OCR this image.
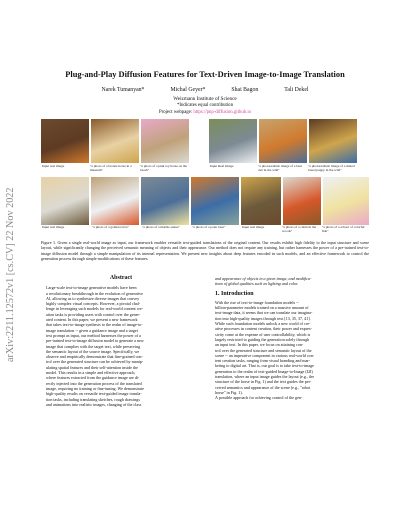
arXiv:2211.12572v1 [cs.CV] 22 Nov 2022
Plug-and-Play Diffusion Features for Text-Driven Image-to-Image Translation
Narek Tumanyan*	Michal Geyer*	Shai Bagon	Tali Dekel
Weizmann Institute of Science
*Indicates equal contribution
Project webpage: https://pnp-diffusion.github.io
Input real image	"a photo of a bronze horse in a museum"
"a photo of a pink toy horse on the beach"
Input Real Image	"a photorealistic image of a bear cub in the wild"
"a photorealistic image of a mixed breed puppy in the wild"
Input real image	"a photo of a golden robot"	"a photo of a marble statue"	"a photo of a polar bear"	Input real image	"a photo of a cabin in the woods"
"a photo of a school of colorful fish"
Figure 1. Given a single real-world image as input, our framework enables versatile text-guided translations of the original content. Our results exhibit high fidelity to the input structure and scene layout, while significantly changing the perceived semantic meaning of objects and their appearance. Our method does not require any training, but rather harnesses the power of a pre-trained text-to-image diffusion model through a simple manipulation of its internal representation. We present new insights about deep features encoded in such models, and an effective framework to control the generation process through simple modifications of these features.
Abstract
Large-scale text-to-image generative models have been
a revolutionary breakthrough in the evolution of generative
AI, allowing us to synthesize diverse images that convey
highly complex visual concepts. However, a pivotal chal-
lenge in leveraging such models for real-world content cre-
ation tasks is providing users with control over the gener-
ated content. In this paper, we present a new framework
that takes text-to-image synthesis to the realm of image-to-
image translation -- given a guidance image and a target
text prompt as input, our method harnesses the power of a
pre-trained text-to-image diffusion model to generate a new
image that complies with the target text, while preserving
the semantic layout of the source image. Specifically, we
observe and empirically demonstrate that fine-grained con-
trol over the generated structure can be achieved by manip-
ulating spatial features and their self-attention inside the
model. This results in a simple and effective approach,
where features extracted from the guidance image are di-
rectly injected into the generation process of the translated
image, requiring no training or fine-tuning. We demonstrate
high-quality results on versatile text-guided image transla-
tion tasks, including translating sketches, rough drawings
and animations into realistic images, changing of the class
and appearance of objects in a given image, and modifica-
tions of global qualities such as lighting and color.
1. Introduction
With the rise of text-to-image foundation models --
billion-parameter models trained on a massive amount of
text-image data, it seems that we can translate our imagina-
tion into high-quality images through text [13, 35, 37, 41].
While such foundation models unlock a new world of cre-
ative processes in content creation, their power and expres-
sivity come at the expense of user controllability, which is
largely restricted to guiding the generation solely through
an input text. In this paper, we focus on attaining con-
trol over the generated structure and semantic layout of the
scene -- an imperative component in various real-world con-
tent creation tasks, ranging from visual branding and mar-
keting to digital art. That is, our goal is to take text-to-image
generation to the realm of text-guided Image-to-Image (I2I)
translation, where an input image guides the layout (e.g., the
structure of the horse in Fig. 1) and the text guides the per-
ceived semantics and appearance of the scene (e.g., "robot
horse" in Fig. 1).
A possible approach for achieving control of the gen-
